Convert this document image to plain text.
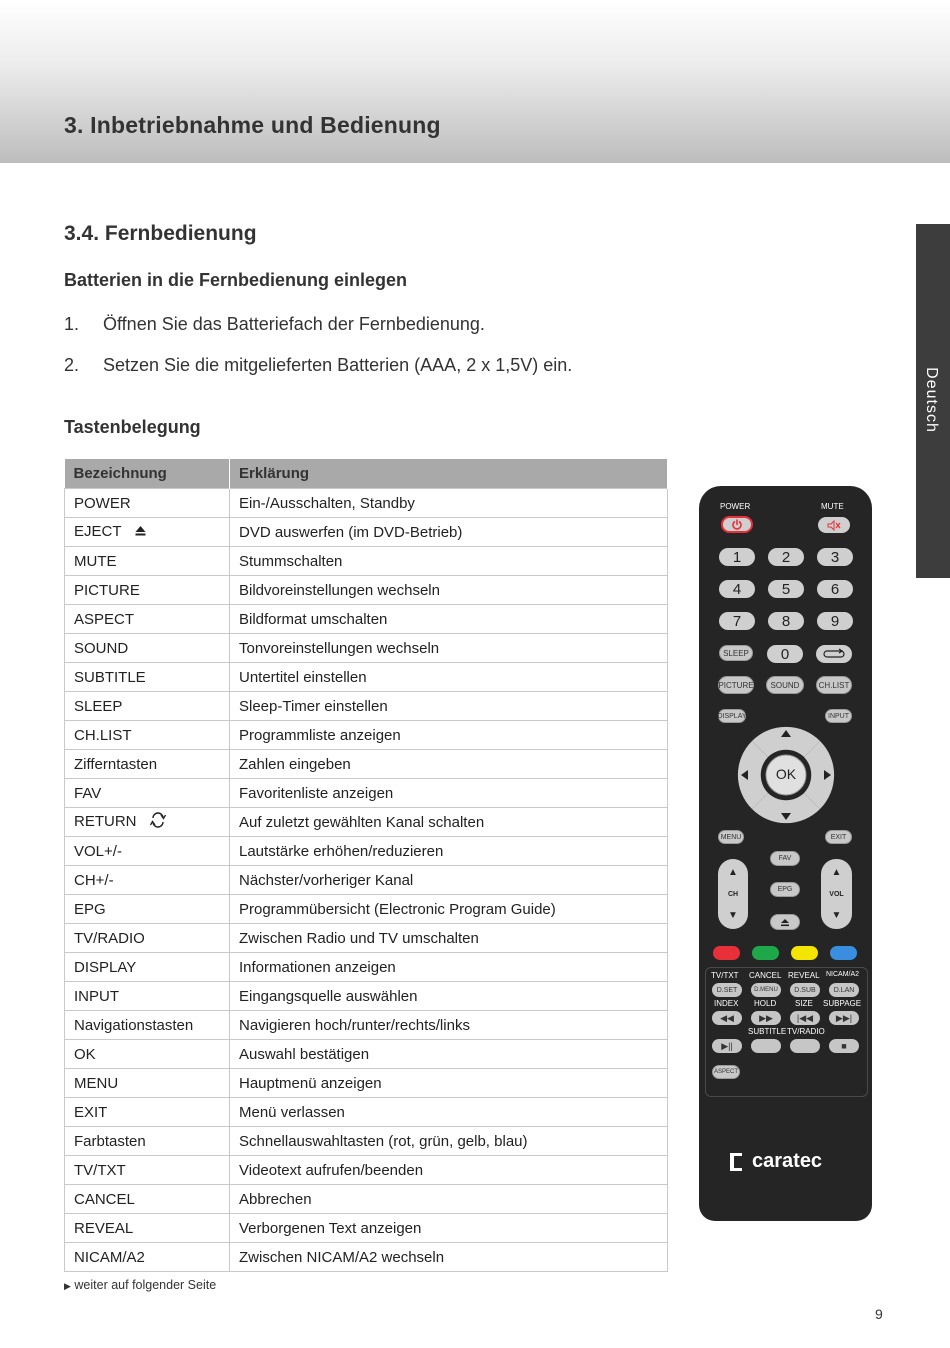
3. Inbetriebnahme und Bedienung
Deutsch
3.4. Fernbedienung
Batterien in die Fernbedienung einlegen
1. Öffnen Sie das Batteriefach der Fernbedienung.
2. Setzen Sie die mitgelieferten Batterien (AAA, 2 x 1,5V) ein.
Tastenbelegung
Bezeichnung	Erklärung
POWER	Ein-/Ausschalten, Standby
EJECT	DVD auswerfen (im DVD-Betrieb)
MUTE	Stummschalten
PICTURE	Bildvoreinstellungen wechseln
ASPECT	Bildformat umschalten
SOUND	Tonvoreinstellungen wechseln
SUBTITLE	Untertitel einstellen
SLEEP	Sleep-Timer einstellen
CH.LIST	Programmliste anzeigen
Zifferntasten	Zahlen eingeben
FAV	Favoritenliste anzeigen
RETURN	Auf zuletzt gewählten Kanal schalten
VOL+/-	Lautstärke erhöhen/reduzieren
CH+/-	Nächster/vorheriger Kanal
EPG	Programmübersicht (Electronic Program Guide)
TV/RADIO	Zwischen Radio und TV umschalten
DISPLAY	Informationen anzeigen
INPUT	Eingangsquelle auswählen
Navigationstasten	Navigieren hoch/runter/rechts/links
OK	Auswahl bestätigen
MENU	Hauptmenü anzeigen
EXIT	Menü verlassen
Farbtasten	Schnellauswahltasten (rot, grün, gelb, blau)
TV/TXT	Videotext aufrufen/beenden
CANCEL	Abbrechen
REVEAL	Verborgenen Text anzeigen
NICAM/A2	Zwischen NICAM/A2 wechseln
▶ weiter auf folgender Seite
9
POWER	MUTE
1	2	3
4	5	6
7	8	9
SLEEP	0
PICTURE	SOUND	CH.LIST
DISPLAY	INPUT
OK
MENU	EXIT
FAV
EPG
▲
CH
▼
▲
VOL
▼
TV/TXT CANCEL REVEAL NICAM/A2
D.SET	D.MENU	D.SUB	D.LAN
INDEX HOLD SIZE SUBPAGE
◀◀	▶▶	|◀◀	▶▶|
SUBTITLE TV/RADIO
▶||	■
ASPECT
caratec
